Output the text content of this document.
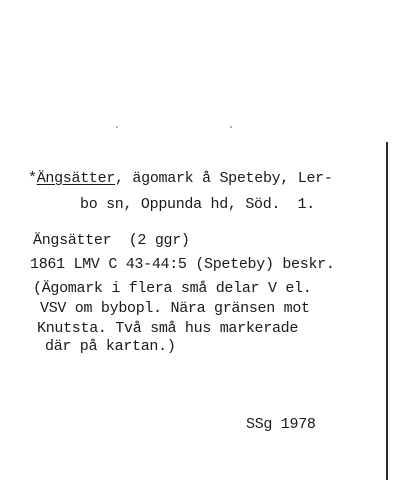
*Ängsätter, ägomark å Speteby, Ler-
bo sn, Oppunda hd, Söd.  1.
Ängsätter  (2 ggr)
1861 LMV C 43-44:5 (Speteby) beskr.
(Ägomark i flera små delar V el.
VSV om bybopl. Nära gränsen mot
Knutsta. Två små hus markerade
där på kartan.)
SSg 1978
